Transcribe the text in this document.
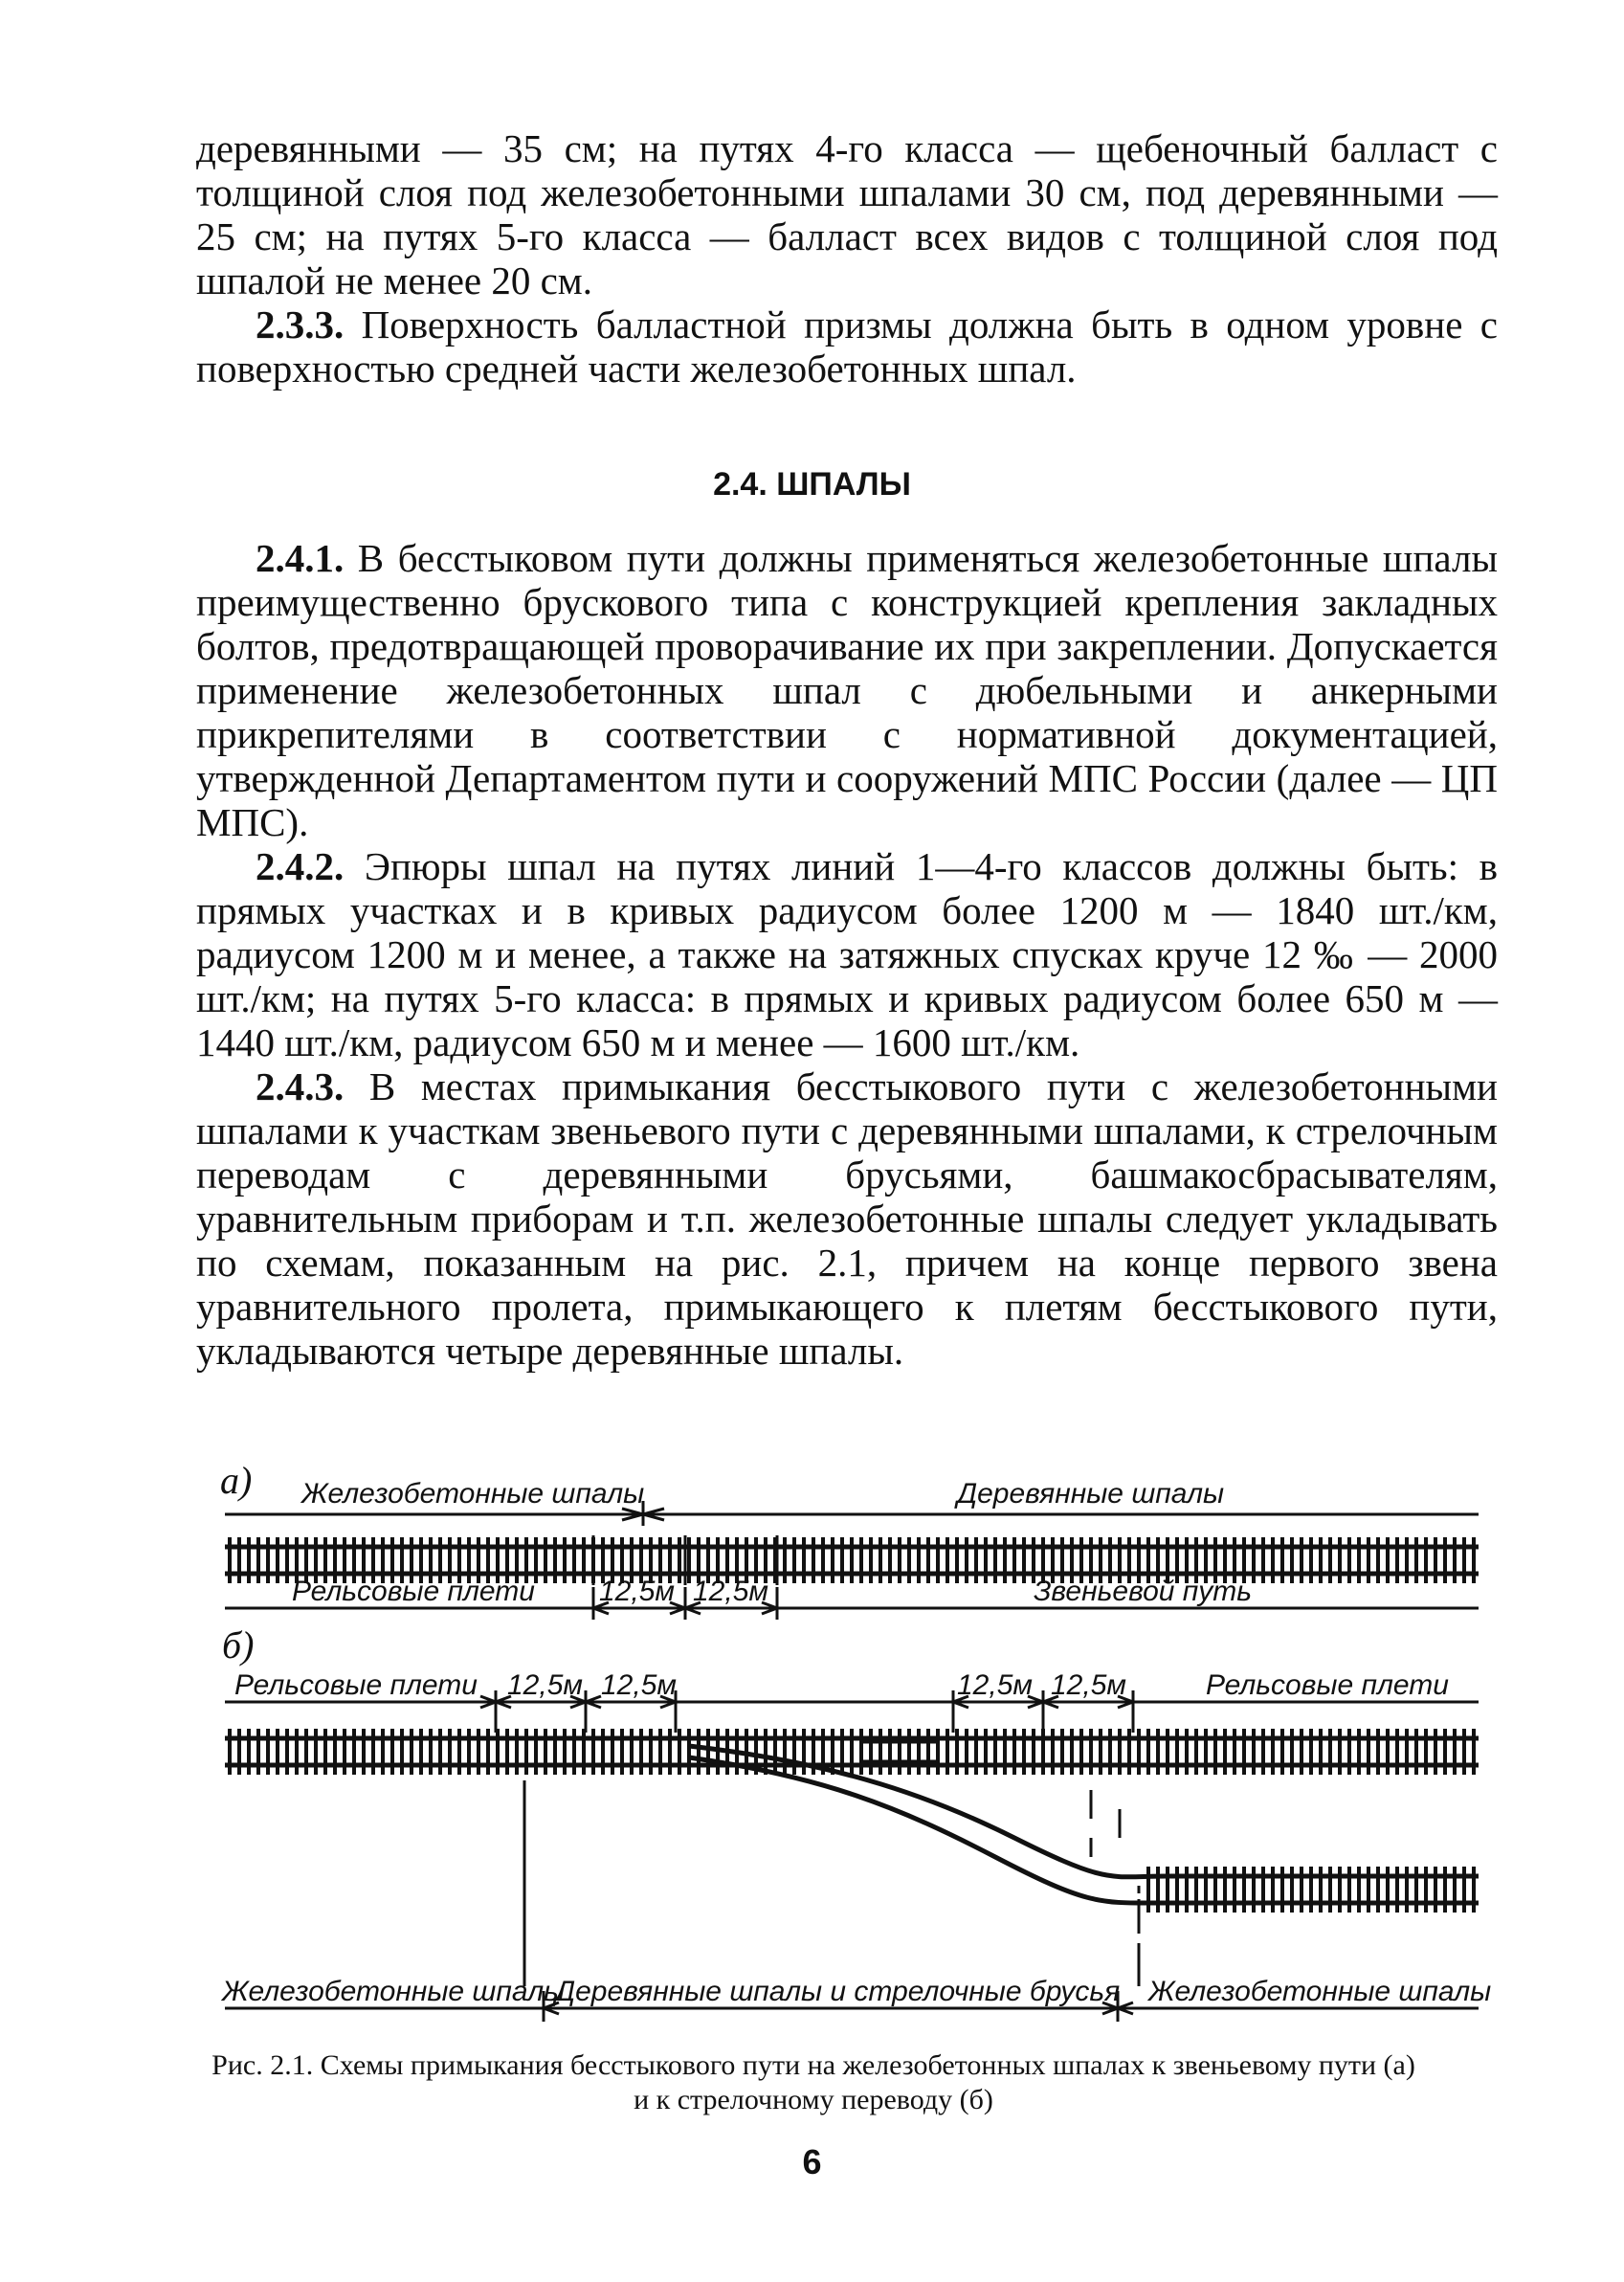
деревянными — 35 см; на путях 4-го класса — щебеночный балласт с толщиной слоя под железобетонными шпалами 30 см, под деревянными — 25 см; на путях 5-го класса — балласт всех видов с толщиной слоя под шпалой не менее 20 см.

2.3.3. Поверхность балластной призмы должна быть в одном уровне с поверхностью средней части железобетонных шпал.

2.4. ШПАЛЫ

2.4.1. В бесстыковом пути должны применяться железобетонные шпалы преимущественно брускового типа с конструкцией крепления закладных болтов, предотвращающей проворачивание их при закреплении. Допускается применение железобетонных шпал с дюбельными и анкерными прикрепителями в соответствии с нормативной документацией, утвержденной Департаментом пути и сооружений МПС России (далее — ЦП МПС).

2.4.2. Эпюры шпал на путях линий 1—4-го классов должны быть: в прямых участках и в кривых радиусом более 1200 м — 1840 шт./км, радиусом 1200 м и менее, а также на затяжных спусках круче 12 ‰ — 2000 шт./км; на путях 5-го класса: в прямых и кривых радиусом более 650 м — 1440 шт./км, радиусом 650 м и менее — 1600 шт./км.

2.4.3. В местах примыкания бесстыкового пути с железобетонными шпалами к участкам звеньевого пути с деревянными шпалами, к стрелочным переводам с деревянными брусьями, башмакосбрасывателям, уравнительным приборам и т.п. железобетонные шпалы следует укладывать по схемам, показанным на рис. 2.1, причем на конце первого звена уравнительного пролета, примыкающего к плетям бесстыкового пути, укладываются четыре деревянные шпалы.

а) Железобетонные шпалы	Деревянные шпалы
Рельсовые плети 12,5м 12,5м	Звеньевой путь
б)
Рельсовые плети 12,5м 12,5м	12,5м 12,5м	Рельсовые плети
Железобетонные шпалы
Деревянные шпалы и стрелочные брусья Железобетонные шпалы

Рис. 2.1. Схемы примыкания бесстыкового пути на железобетонных шпалах к звеньевому пути (а) и к стрелочному переводу (б)

6
